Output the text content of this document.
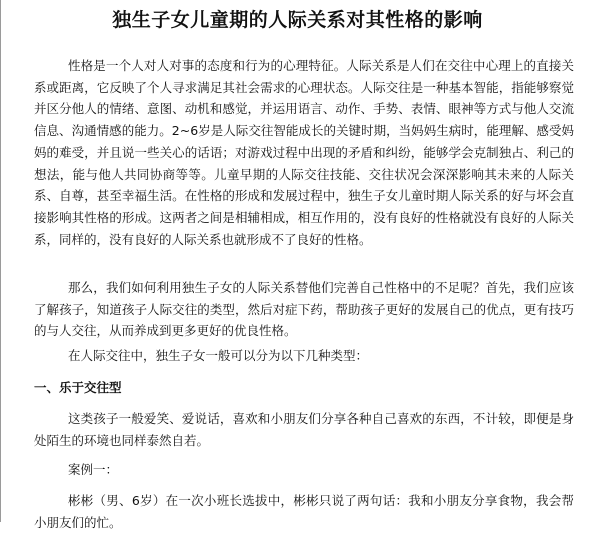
独生子女儿童期的人际关系对其性格的影响
性格是一个人对人对事的态度和行为的心理特征。人际关系是人们在交往中心理上的直接关系或距离，它反映了个人寻求满足其社会需求的心理状态。人际交往是一种基本智能，指能够察觉并区分他人的情绪、意图、动机和感觉，并运用语言、动作、手势、表情、眼神等方式与他人交流信息、沟通情感的能力。2~6岁是人际交往智能成长的关键时期，当妈妈生病时，能理解、感受妈妈的难受，并且说一些关心的话语；对游戏过程中出现的矛盾和纠纷，能够学会克制独占、利己的想法，能与他人共同协商等等。儿童早期的人际交往技能、交往状况会深深影响其未来的人际关系、自尊，甚至幸福生活。在性格的形成和发展过程中，独生子女儿童时期人际关系的好与坏会直接影响其性格的形成。这两者之间是相辅相成，相互作用的，没有良好的性格就没有良好的人际关系，同样的，没有良好的人际关系也就形成不了良好的性格。
那么，我们如何利用独生子女的人际关系替他们完善自己性格中的不足呢？首先，我们应该了解孩子，知道孩子人际交往的类型，然后对症下药，帮助孩子更好的发展自己的优点，更有技巧的与人交往，从而养成到更多更好的优良性格。
在人际交往中，独生子女一般可以分为以下几种类型：
一、乐于交往型
这类孩子一般爱笑、爱说话，喜欢和小朋友们分享各种自己喜欢的东西，不计较，即便是身处陌生的环境也同样泰然自若。
案例一：
彬彬（男、6岁）在一次小班长选拔中，彬彬只说了两句话：我和小朋友分享食物，我会帮小朋友们的忙。
